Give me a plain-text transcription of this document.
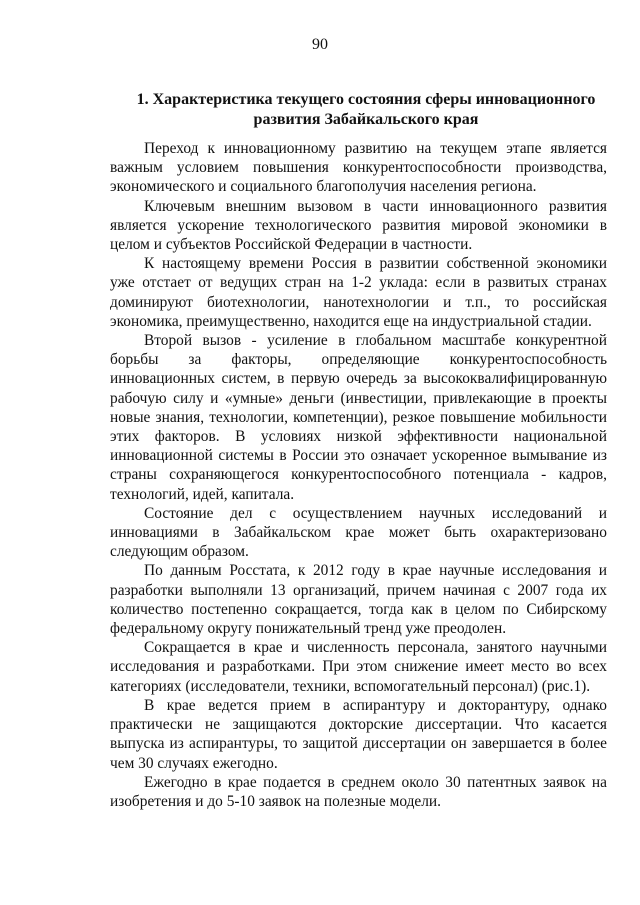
90
1. Характеристика текущего состояния сферы инновационного
развития Забайкальского края

Переход к инновационному развитию на текущем этапе является важным условием повышения конкурентоспособности производства, экономического и социального благополучия населения региона.

Ключевым внешним вызовом в части инновационного развития является ускорение технологического развития мировой экономики в целом и субъектов Российской Федерации в частности.

К настоящему времени Россия в развитии собственной экономики уже отстает от ведущих стран на 1-2 уклада: если в развитых странах доминируют биотехнологии, нанотехнологии и т.п., то российская экономика, преимущественно, находится еще на индустриальной стадии.

Второй вызов - усиление в глобальном масштабе конкурентной борьбы за факторы, определяющие конкурентоспособность инновационных систем, в первую очередь за высококвалифицированную рабочую силу и «умные» деньги (инвестиции, привлекающие в проекты новые знания, технологии, компетенции), резкое повышение мобильности этих факторов. В условиях низкой эффективности национальной инновационной системы в России это означает ускоренное вымывание из страны сохраняющегося конкурентоспособного потенциала - кадров, технологий, идей, капитала.

Состояние дел с осуществлением научных исследований и инновациями в Забайкальском крае может быть охарактеризовано следующим образом.

По данным Росстата, к 2012 году в крае научные исследования и разработки выполняли 13 организаций, причем начиная с 2007 года их количество постепенно сокращается, тогда как в целом по Сибирскому федеральному округу понижательный тренд уже преодолен.

Сокращается в крае и численность персонала, занятого научными исследования и разработками. При этом снижение имеет место во всех категориях (исследователи, техники, вспомогательный персонал) (рис.1).

В крае ведется прием в аспирантуру и докторантуру, однако практически не защищаются докторские диссертации. Что касается выпуска из аспирантуры, то защитой диссертации он завершается в более чем 30 случаях ежегодно.

Ежегодно в крае подается в среднем около 30 патентных заявок на изобретения и до 5-10 заявок на полезные модели.
